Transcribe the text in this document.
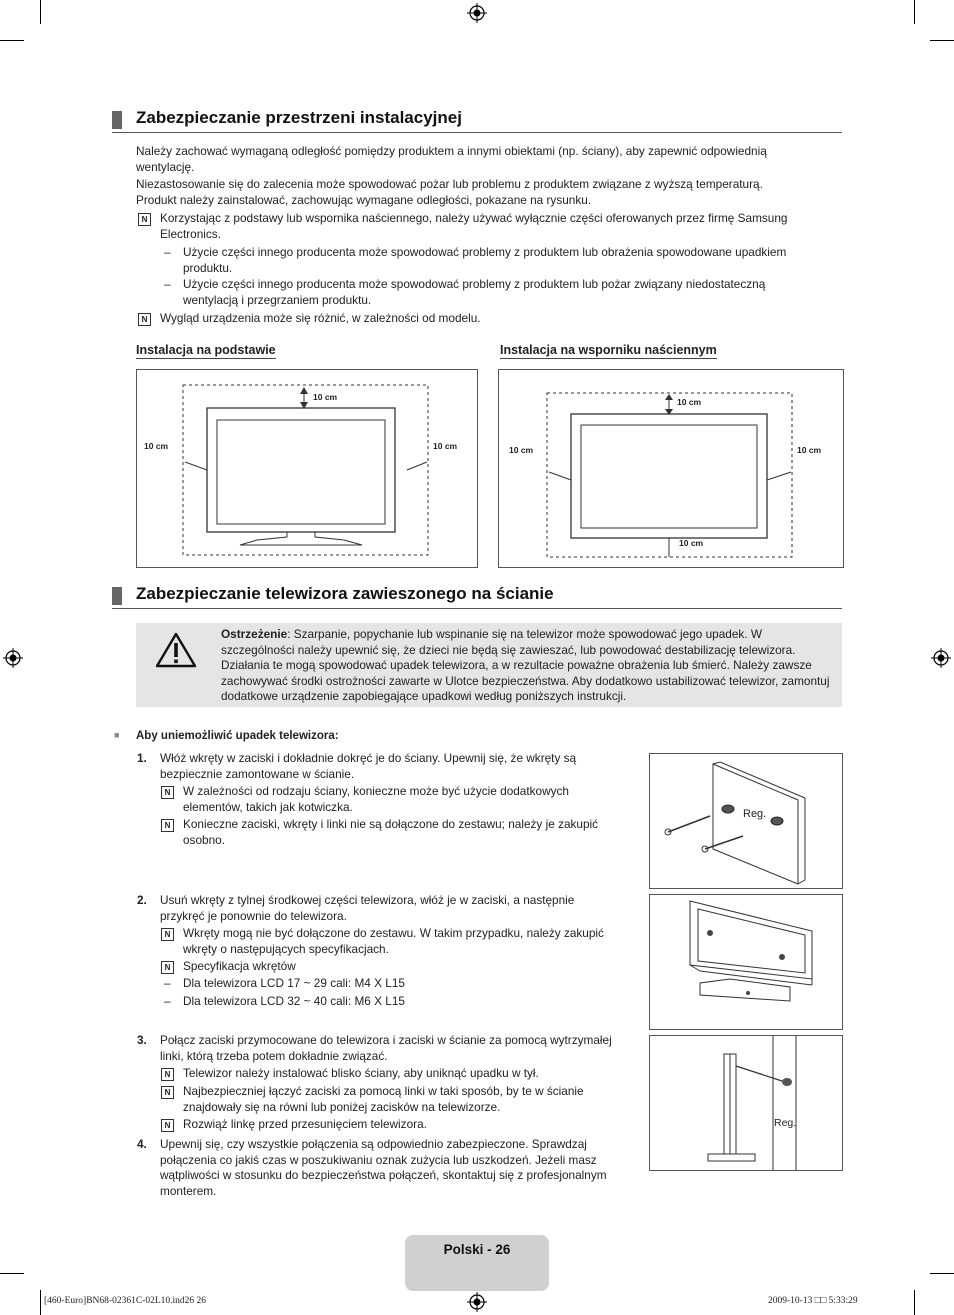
Zabezpieczanie przestrzeni instalacyjnej
Należy zachować wymaganą odległość pomiędzy produktem a innymi obiektami (np. ściany), aby zapewnić odpowiednią wentylację.
Niezastosowanie się do zalecenia może spowodować pożar lub problemu z produktem związane z wyższą temperaturą.
Produkt należy zainstalować, zachowując wymagane odległości, pokazane na rysunku.
N	Korzystając z podstawy lub wspornika naściennego, należy używać wyłącznie części oferowanych przez firmę Samsung Electronics.
– Użycie części innego producenta może spowodować problemy z produktem lub obrażenia spowodowane upadkiem produktu.
– Użycie części innego producenta może spowodować problemy z produktem lub pożar związany niedostateczną wentylacją i przegrzaniem produktu.
N	Wygląd urządzenia może się różnić, w zależności od modelu.
Instalacja na podstawie	Instalacja na wsporniku naściennym
10 cm
10 cm	10 cm
10 cm
10 cm	10 cm
10 cm
Zabezpieczanie telewizora zawieszonego na ścianie
Ostrzeżenie: Szarpanie, popychanie lub wspinanie się na telewizor może spowodować jego upadek. W szczególności należy upewnić się, że dzieci nie będą się zawieszać, lub powodować destabilizację telewizora. Działania te mogą spowodować upadek telewizora, a w rezultacie poważne obrażenia lub śmierć. Należy zawsze zachowywać środki ostrożności zawarte w Ulotce bezpieczeństwa. Aby dodatkowo ustabilizować telewizor, zamontuj dodatkowe urządzenie zapobiegające upadkowi według poniższych instrukcji.
■ Aby uniemożliwić upadek telewizora:
1. Włóż wkręty w zaciski i dokładnie dokręć je do ściany. Upewnij się, że wkręty są bezpiecznie zamontowane w ścianie.
N	W zależności od rodzaju ściany, konieczne może być użycie dodatkowych elementów, takich jak kotwiczka.
N	Konieczne zaciski, wkręty i linki nie są dołączone do zestawu; należy je zakupić osobno.
2. Usuń wkręty z tylnej środkowej części telewizora, włóż je w zaciski, a następnie przykręć je ponownie do telewizora.
N	Wkręty mogą nie być dołączone do zestawu. W takim przypadku, należy zakupić wkręty o następujących specyfikacjach.
N	Specyfikacja wkrętów
– Dla telewizora LCD 17 ~ 29 cali: M4 X L15
– Dla telewizora LCD 32 ~ 40 cali: M6 X L15
3. Połącz zaciski przymocowane do telewizora i zaciski w ścianie za pomocą wytrzymałej linki, którą trzeba potem dokładnie związać.
N	Telewizor należy instalować blisko ściany, aby uniknąć upadku w tył.
N	Najbezpieczniej łączyć zaciski za pomocą linki w taki sposób, by te w ścianie znajdowały się na równi lub poniżej zacisków na telewizorze.
N	Rozwiąż linkę przed przesunięciem telewizora.
4. Upewnij się, czy wszystkie połączenia są odpowiednio zabezpieczone. Sprawdzaj połączenia co jakiś czas w poszukiwaniu oznak zużycia lub uszkodzeń. Jeżeli masz wątpliwości w stosunku do bezpieczeństwa połączeń, skontaktuj się z profesjonalnym monterem.
Reg.
Reg.
Polski - 26
[460-Euro]BN68-02361C-02L10.ind26 26	2009-10-13 □□ 5:33:29
